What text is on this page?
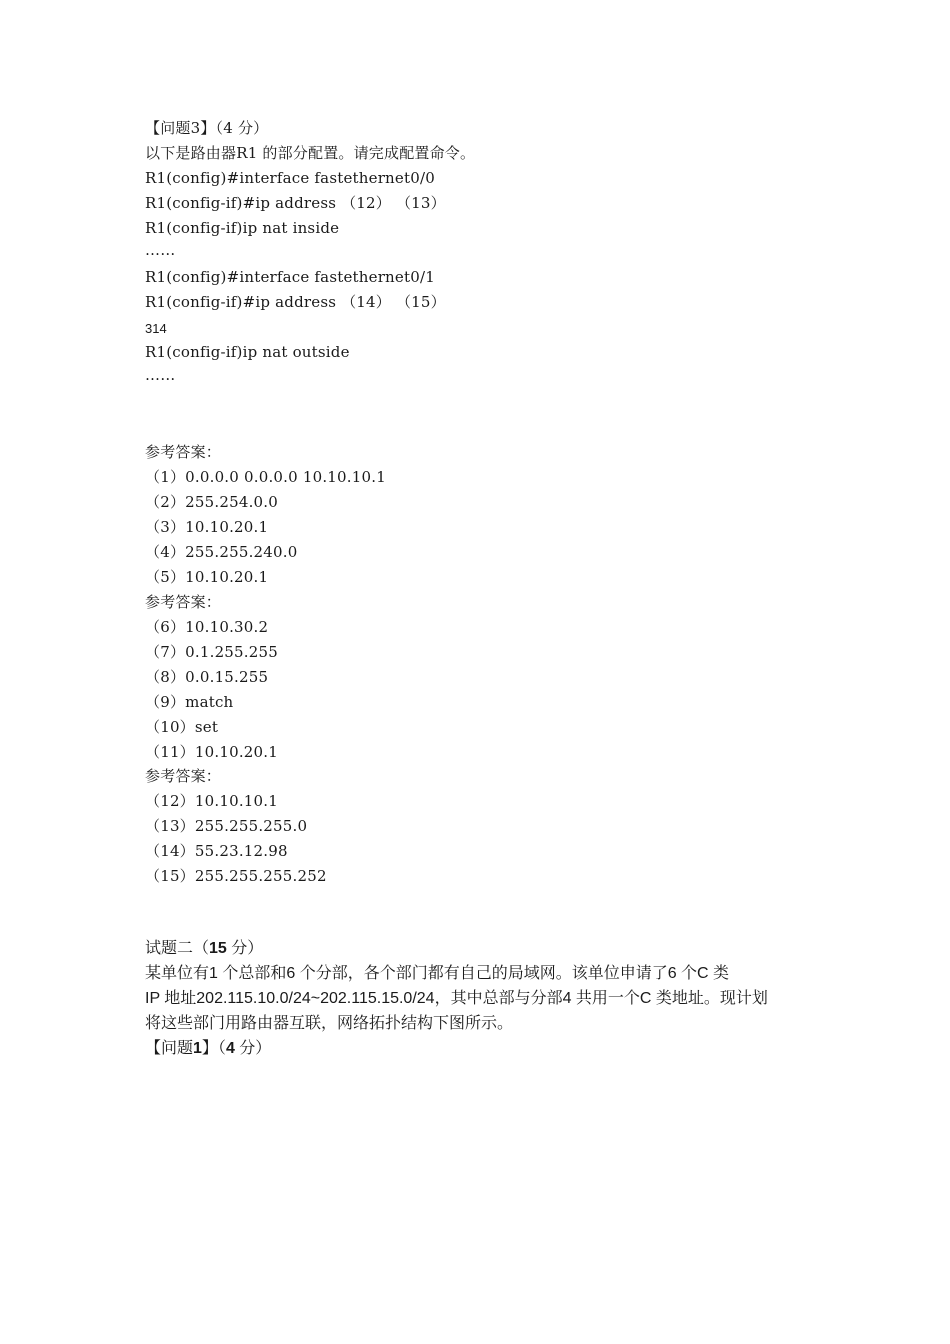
【问题3】（4 分）
以下是路由器R1 的部分配置。请完成配置命令。
R1(config)#interface fastethernet0/0
R1(config-if)#ip address （12） （13）
R1(config-if)ip nat inside
……
R1(config)#interface fastethernet0/1
R1(config-if)#ip address （14） （15）
314
R1(config-if)ip nat outside
……
参考答案：
（1）0.0.0.0 0.0.0.0 10.10.10.1
（2）255.254.0.0
（3）10.10.20.1
（4）255.255.240.0
（5）10.10.20.1
参考答案：
（6）10.10.30.2
（7）0.1.255.255
（8）0.0.15.255
（9）match
（10）set
（11）10.10.20.1
参考答案：
（12）10.10.10.1
（13）255.255.255.0
（14）55.23.12.98
（15）255.255.255.252
试题二（15 分）
某单位有1 个总部和6 个分部，各个部门都有自己的局域网。该单位申请了6 个C 类
IP 地址202.115.10.0/24~202.115.15.0/24，其中总部与分部4 共用一个C 类地址。现计划
将这些部门用路由器互联，网络拓扑结构下图所示。
【问题1】（4 分）
